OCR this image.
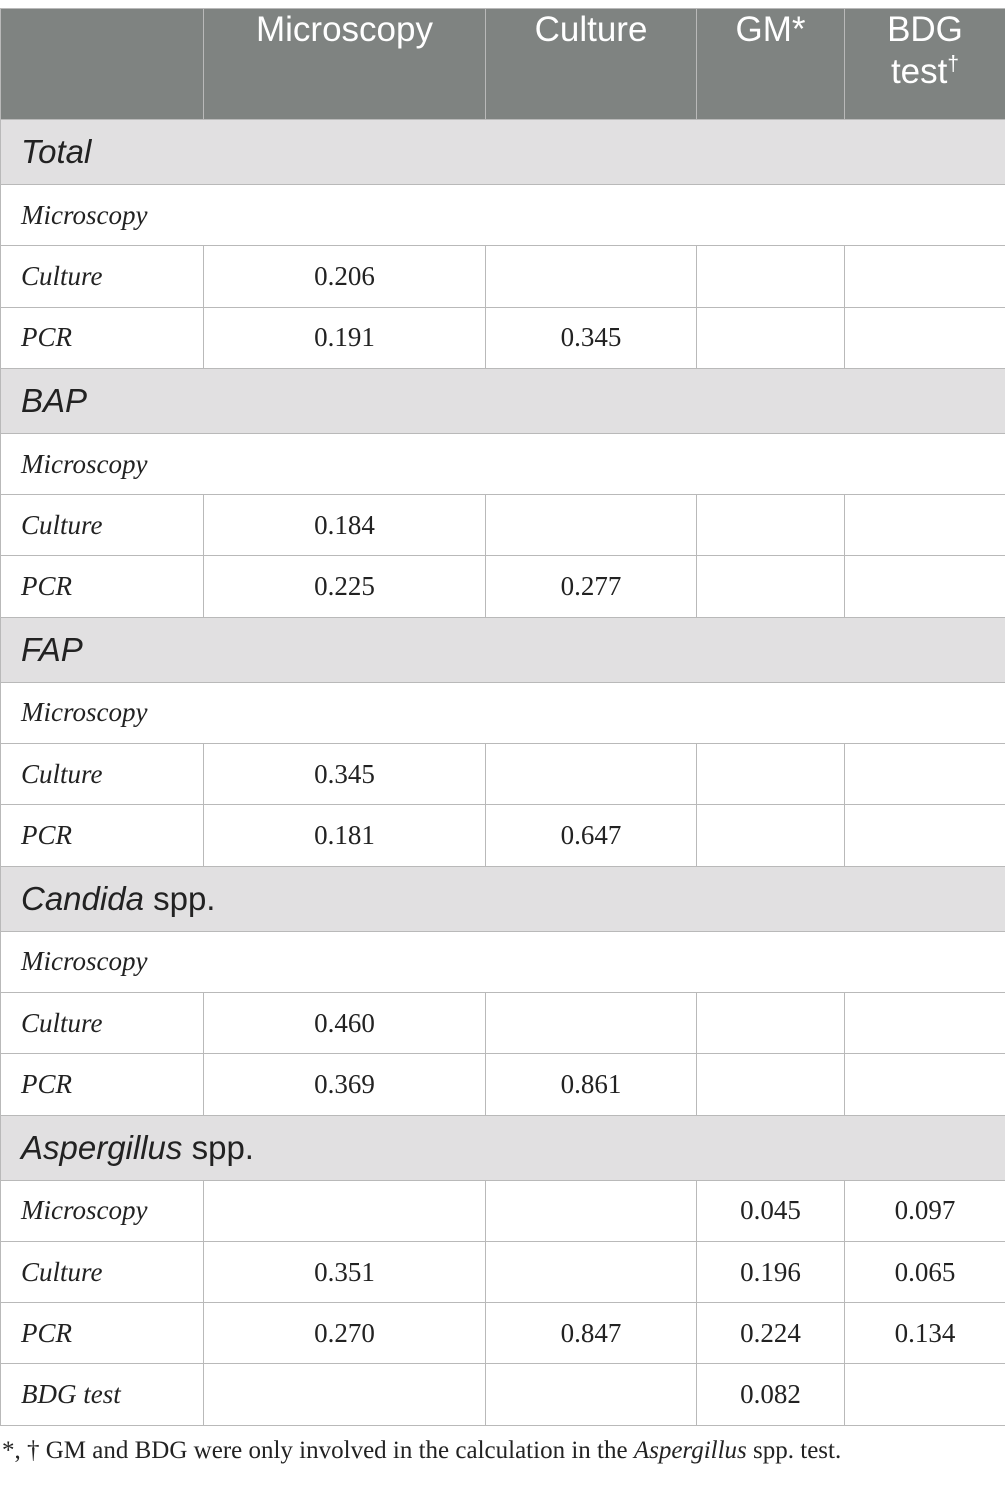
	Microscopy	Culture	GM*	BDG
test†
Total				
Microscopy				
Culture	0.206			
PCR	0.191	0.345		
BAP				
Microscopy				
Culture	0.184			
PCR	0.225	0.277		
FAP				
Microscopy				
Culture	0.345			
PCR	0.181	0.647		
Candida spp.				
Microscopy				
Culture	0.460			
PCR	0.369	0.861		
Aspergillus spp.				
Microscopy			0.045	0.097
Culture	0.351		0.196	0.065
PCR	0.270	0.847	0.224	0.134
BDG test			0.082	
*, † GM and BDG were only involved in the calculation in the Aspergillus spp. test.
